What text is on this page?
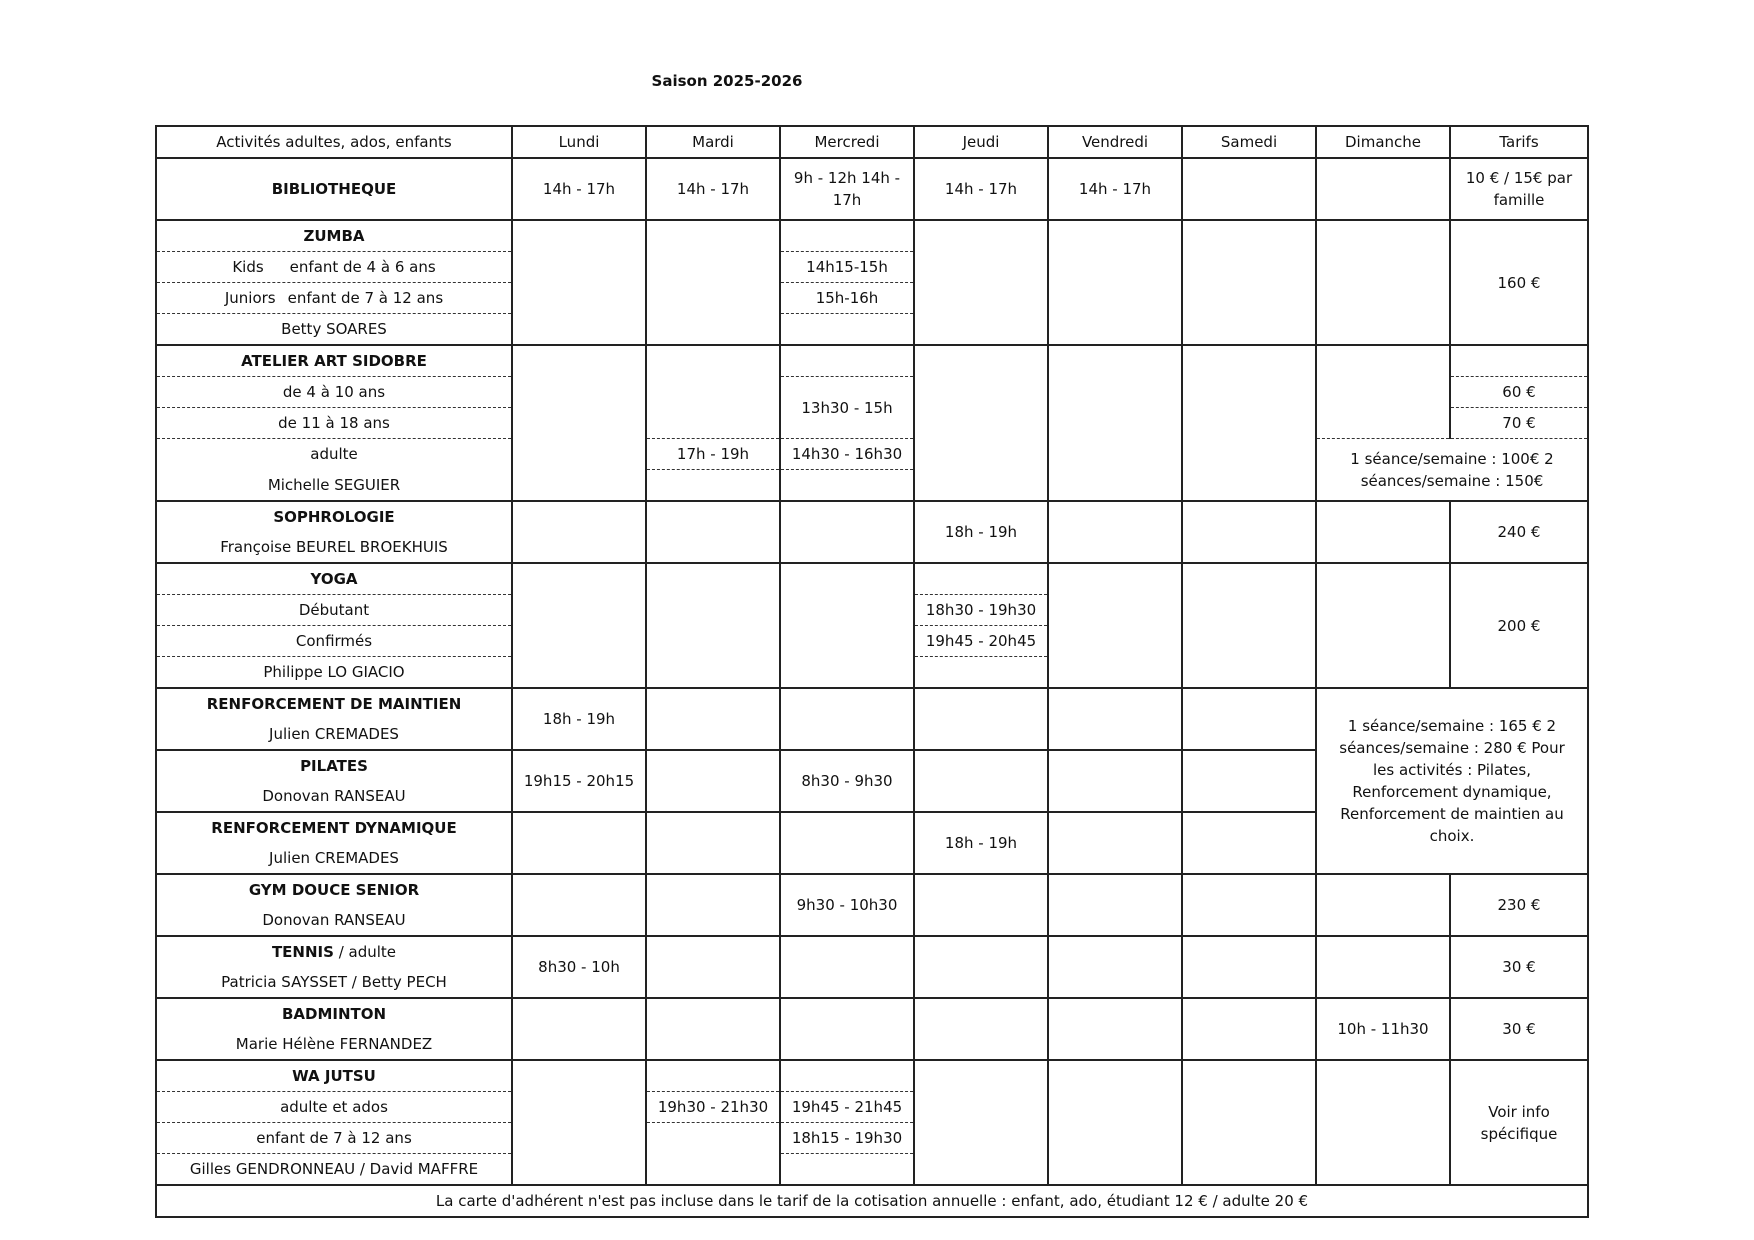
Saison 2025-2026
Activités adultes, ados, enfants	Lundi	Mardi	Mercredi	Jeudi	Vendredi	Samedi	Dimanche	Tarifs
BIBLIOTHEQUE	14h - 17h	14h - 17h	9h - 12h 14h - 17h	14h - 17h	14h - 17h			10 € / 15€ par famille
ZUMBA								160 €
Kids enfant de 4 à 6 ans			14h15-15h					
Juniors enfant de 7 à 12 ans			15h-16h					
Betty SOARES								
ATELIER ART SIDOBRE								
de 4 à 10 ans			13h30 - 15h					60 €
de 11 à 18 ans								70 €
adulte		17h - 19h	14h30 - 16h30				1 séance/semaine : 100€ 2 séances/semaine : 150€	
Michelle SEGUIER								
SOPHROLOGIE				18h - 19h				240 €
Françoise BEUREL BROEKHUIS								
YOGA								200 €
Débutant				18h30 - 19h30				
Confirmés				19h45 - 20h45				
Philippe LO GIACIO								
RENFORCEMENT DE MAINTIEN	18h - 19h						1 séance/semaine : 165 € 2 séances/semaine : 280 € Pour les activités : Pilates, Renforcement dynamique, Renforcement de maintien au choix.	
Julien CREMADES								
PILATES	19h15 - 20h15		8h30 - 9h30					
Donovan RANSEAU								
RENFORCEMENT DYNAMIQUE				18h - 19h				
Julien CREMADES								
GYM DOUCE SENIOR			9h30 - 10h30					230 €
Donovan RANSEAU								
TENNIS / adulte	8h30 - 10h							30 €
Patricia SAYSSET / Betty PECH								
BADMINTON							10h - 11h30	30 €
Marie Hélène FERNANDEZ								
WA JUTSU								Voir info spécifique
adulte et ados		19h30 - 21h30	19h45 - 21h45					
enfant de 7 à 12 ans			18h15 - 19h30					
Gilles GENDRONNEAU / David MAFFRE								
La carte d'adhérent n'est pas incluse dans le tarif de la cotisation annuelle : enfant, ado, étudiant 12 € / adulte 20 €								
